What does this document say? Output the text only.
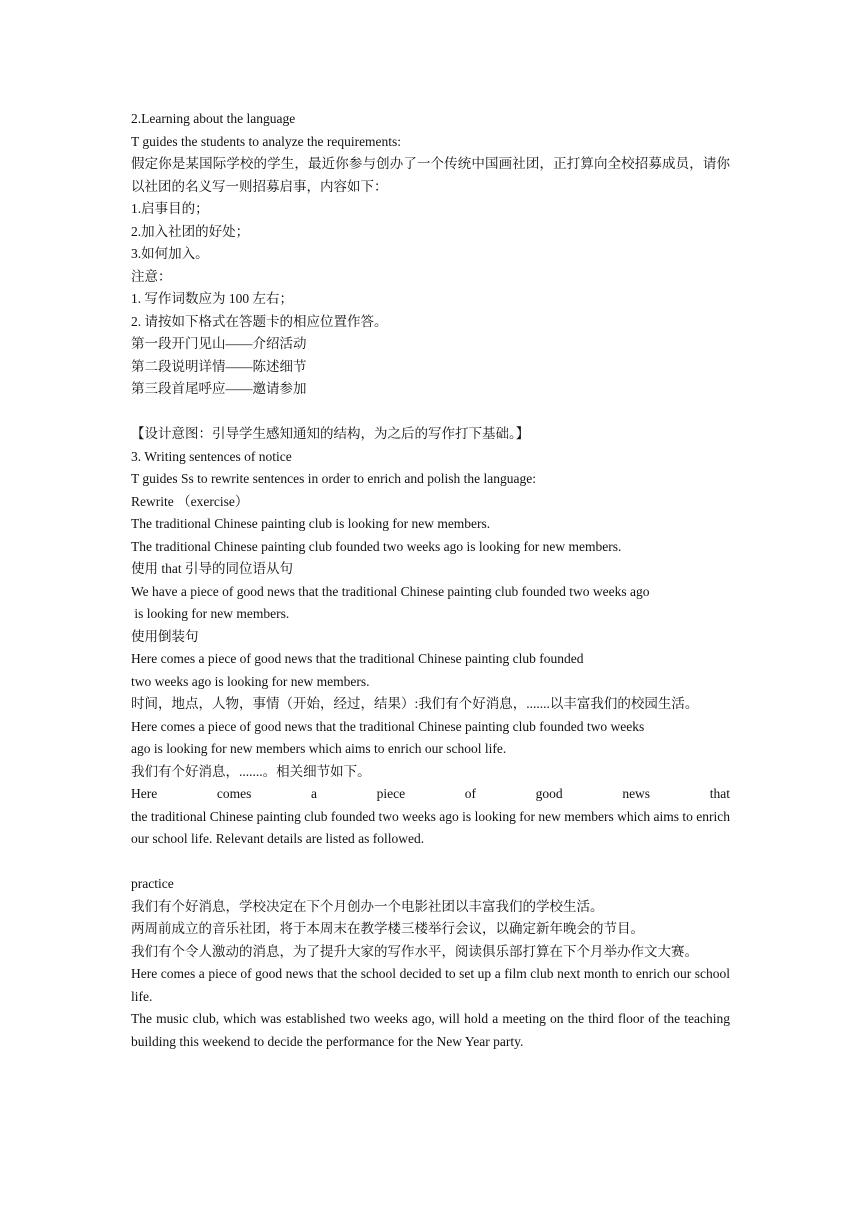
2.Learning about the language
T guides the students to analyze the requirements:
假定你是某国际学校的学生，最近你参与创办了一个传统中国画社团，正打算向全校招募成员，请你以社团的名义写一则招募启事，内容如下：
1.启事目的；
2.加入社团的好处；
3.如何加入。
注意：
1. 写作词数应为 100 左右；
2. 请按如下格式在答题卡的相应位置作答。
第一段开门见山——介绍活动
第二段说明详情——陈述细节
第三段首尾呼应——邀请参加
【设计意图：引导学生感知通知的结构，为之后的写作打下基础。】
3. Writing sentences of notice
T guides Ss to rewrite sentences in order to enrich and polish the language:
Rewrite （exercise）
The traditional Chinese painting club is looking for new members.
The traditional Chinese painting club founded two weeks ago is looking for new members.
使用 that 引导的同位语从句
We have a piece of good news that the traditional Chinese painting club founded two weeks ago
is looking for new members.
使用倒装句
Here comes a piece of good news that the traditional Chinese painting club founded
two weeks ago is looking for new members.
时间，地点，人物，事情（开始，经过，结果）:我们有个好消息，.......以丰富我们的校园生活。
Here comes a piece of good news that the traditional Chinese painting club founded two weeks
ago is looking for new members which aims to enrich our school life.
我们有个好消息，.......。相关细节如下。
Here	comes	a	piece	of	good	news	that
the traditional Chinese painting club founded two weeks ago is looking for new members which aims to enrich our school life. Relevant details are listed as followed.
practice
我们有个好消息，学校决定在下个月创办一个电影社团以丰富我们的学校生活。
两周前成立的音乐社团，将于本周末在教学楼三楼举行会议，以确定新年晚会的节目。
我们有个令人激动的消息，为了提升大家的写作水平，阅读俱乐部打算在下个月举办作文大赛。
Here comes a piece of good news that the school decided to set up a film club next month to enrich our school life.
The music club, which was established two weeks ago, will hold a meeting on the third floor of the teaching building this weekend to decide the performance for the New Year party.
